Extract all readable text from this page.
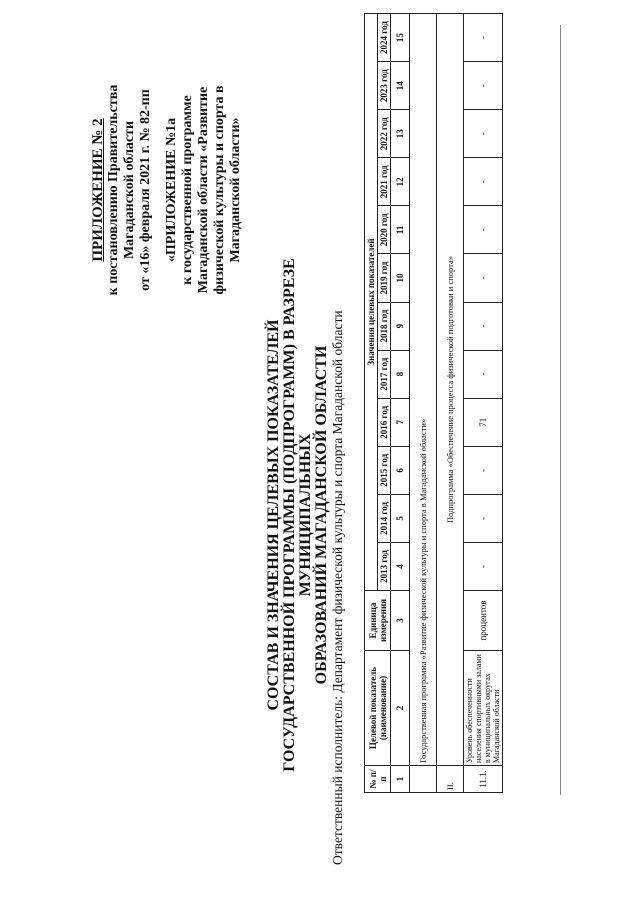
ПРИЛОЖЕНИЕ № 2 к постановлению Правительства Магаданской области от «16» февраля 2021 г. № 82-пп «ПРИЛОЖЕНИЕ №1а к государственной программе Магаданской области «Развитие физической культуры и спорта в Магаданской области»
СОСТАВ И ЗНАЧЕНИЯ ЦЕЛЕВЫХ ПОКАЗАТЕЛЕЙ ГОСУДАРСТВЕННОЙ ПРОГРАММЫ (ПОДПРОГРАММ) В РАЗРЕЗЕ МУНИЦИПАЛЬНЫХ ОБРАЗОВАНИЙ МАГАДАНСКОЙ ОБЛАСТИ Ответственный исполнитель: Департамент физической культуры и спорта Магаданской области	№ п/п	Целевой показатель (наименование)	Единица измерения	Значения целевых показателей											
			2013 год	2014 год	2015 год	2016 год	2017 год	2018 год	2019 год	2020 год	2021 год	2022 год	2023 год	2024 год
1	2	3	4	5	6	7	8	9	10	11	12	13	14	15
	Государственная программа «Развитие физической культуры и спорта в Магаданской области»													
II.	Подпрограмма «Обеспечение процесса физической подготовки и спорта»													
11.1.	Уровень обеспеченности населения спортивными залами в муниципальных округах Магаданской области	процентов	-	-	-	71	-	-	-	-	-	-	-	-
